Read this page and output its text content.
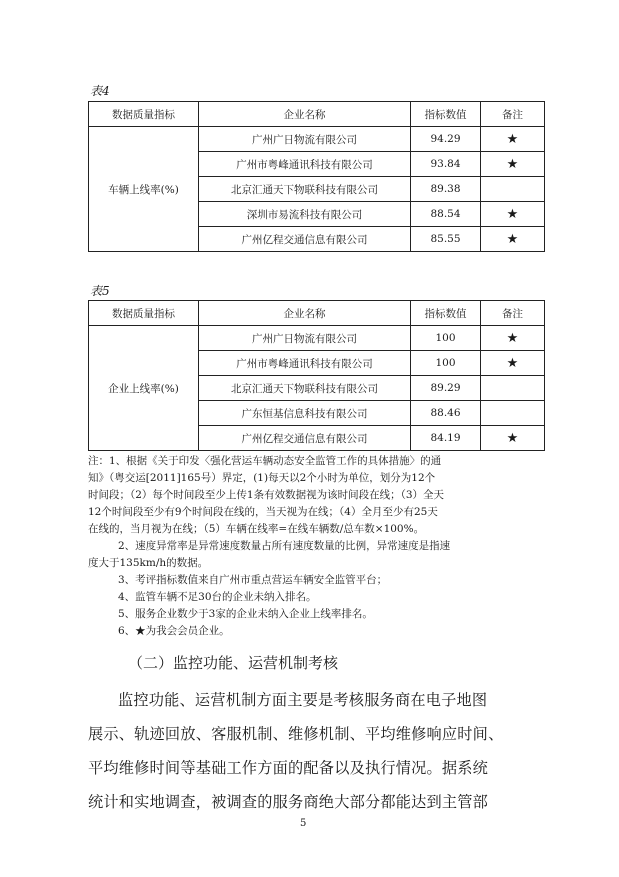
表4
数据质量指标	企业名称	指标数值	备注
车辆上线率(%)	广州广日物流有限公司	94.29	★
	广州市粤峰通讯科技有限公司	93.84	★
	北京汇通天下物联科技有限公司	89.38	
	深圳市易流科技有限公司	88.54	★
	广州亿程交通信息有限公司	85.55	★
表5
数据质量指标	企业名称	指标数值	备注
企业上线率(%)	广州广日物流有限公司	100	★
	广州市粤峰通讯科技有限公司	100	★
	北京汇通天下物联科技有限公司	89.29	
	广东恒基信息科技有限公司	88.46	
	广州亿程交通信息有限公司	84.19	★

注：1、根据《关于印发〈强化营运车辆动态安全监管工作的具体措施〉的通

知》（粤交运[2011]165号）界定，(1)每天以2个小时为单位，划分为12个

时间段；（2）每个时间段至少上传1条有效数据视为该时间段在线；（3）全天

12个时间段至少有9个时间段在线的，当天视为在线；（4）全月至少有25天

在线的，当月视为在线；（5）车辆在线率=在线车辆数/总车数×100%。

2、速度异常率是异常速度数量占所有速度数量的比例，异常速度是指速

度大于135km/h的数据。

3、考评指标数值来自广州市重点营运车辆安全监管平台；

4、监管车辆不足30台的企业未纳入排名。

5、服务企业数少于3家的企业未纳入企业上线率排名。

6、★为我会会员企业。

（二）监控功能、运营机制考核

监控功能、运营机制方面主要是考核服务商在电子地图

展示、轨迹回放、客服机制、维修机制、平均维修响应时间、

平均维修时间等基础工作方面的配备以及执行情况。据系统

统计和实地调查，被调查的服务商绝大部分都能达到主管部

5
